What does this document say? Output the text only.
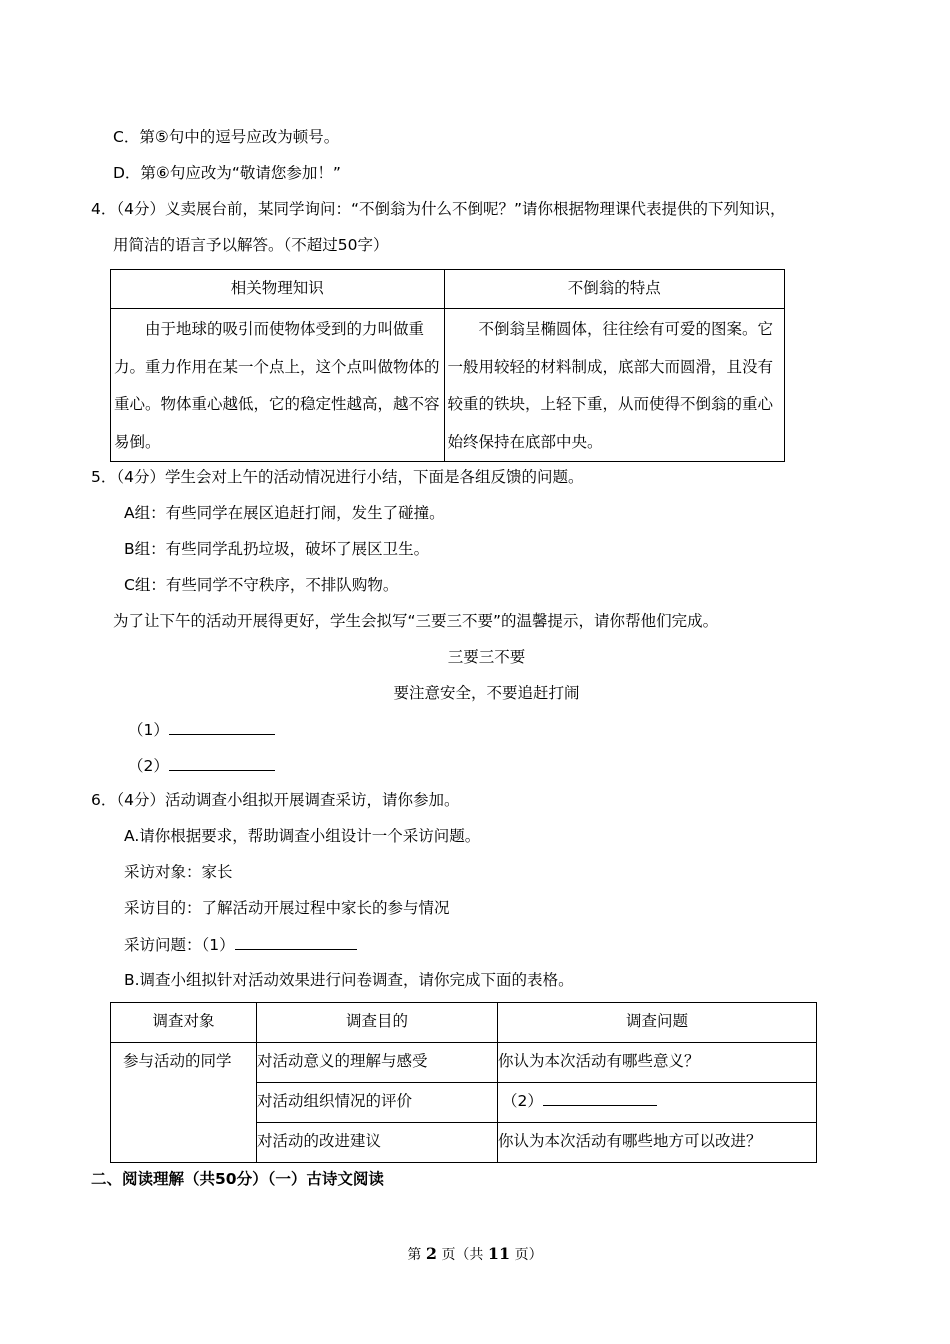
C．第⑤句中的逗号应改为顿号。
D．第⑥句应改为“敬请您参加！”
4．（4分）义卖展台前，某同学询问：“不倒翁为什么不倒呢？”请你根据物理课代表提供的下列知识，
用简洁的语言予以解答。（不超过50字）
相关物理知识	不倒翁的特点

由于地球的吸引而使物体受到的力叫做重力。重力作用在某一个点上，这个点叫做物体的重心。物体重心越低，它的稳定性越高，越不容易倒。	不倒翁呈椭圆体，往往绘有可爱的图案。它一般用较轻的材料制成，底部大而圆滑，且没有较重的铁块，上轻下重，从而使得不倒翁的重心始终保持在底部中央。
5．（4分）学生会对上午的活动情况进行小结，下面是各组反馈的问题。
A组：有些同学在展区追赶打闹，发生了碰撞。
B组：有些同学乱扔垃圾，破坏了展区卫生。
C组：有些同学不守秩序，不排队购物。
为了让下午的活动开展得更好，学生会拟写“三要三不要”的温馨提示，请你帮他们完成。
三要三不要
要注意安全，不要追赶打闹
（1）
（2）
6．（4分）活动调查小组拟开展调查采访，请你参加。
A.请你根据要求，帮助调查小组设计一个采访问题。
采访对象：家长
采访目的：了解活动开展过程中家长的参与情况
采访问题：（1）
B.调查小组拟针对活动效果进行问卷调查，请你完成下面的表格。
调查对象	调查目的	调查问题
参与活动的同学	对活动意义的理解与感受	你认为本次活动有哪些意义？
	对活动组织情况的评价	（2）
	对活动的改进建议	你认为本次活动有哪些地方可以改进？
二、阅读理解（共50分）（一）古诗文阅读
第 2 页（共 11 页）
